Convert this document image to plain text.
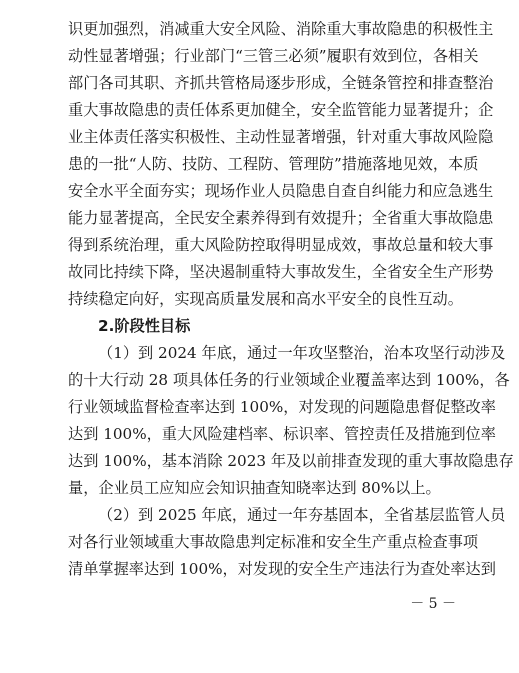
识更加强烈，消减重大安全风险、消除重大事故隐患的积极性主
动性显著增强；行业部门“三管三必须”履职有效到位，各相关
部门各司其职、齐抓共管格局逐步形成，全链条管控和排查整治
重大事故隐患的责任体系更加健全，安全监管能力显著提升；企
业主体责任落实积极性、主动性显著增强，针对重大事故风险隐
患的一批“人防、技防、工程防、管理防”措施落地见效，本质
安全水平全面夯实；现场作业人员隐患自查自纠能力和应急逃生
能力显著提高，全民安全素养得到有效提升；全省重大事故隐患
得到系统治理，重大风险防控取得明显成效，事故总量和较大事
故同比持续下降，坚决遏制重特大事故发生，全省安全生产形势
持续稳定向好，实现高质量发展和高水平安全的良性互动。
2.阶段性目标
（1）到 2024 年底，通过一年攻坚整治，治本攻坚行动涉及
的十大行动 28 项具体任务的行业领域企业覆盖率达到 100%，各
行业领域监督检查率达到 100%，对发现的问题隐患督促整改率
达到 100%，重大风险建档率、标识率、管控责任及措施到位率
达到 100%，基本消除 2023 年及以前排查发现的重大事故隐患存
量，企业员工应知应会知识抽查知晓率达到 80%以上。
（2）到 2025 年底，通过一年夯基固本，全省基层监管人员
对各行业领域重大事故隐患判定标准和安全生产重点检查事项
清单掌握率达到 100%，对发现的安全生产违法行为查处率达到
－ 5 －
